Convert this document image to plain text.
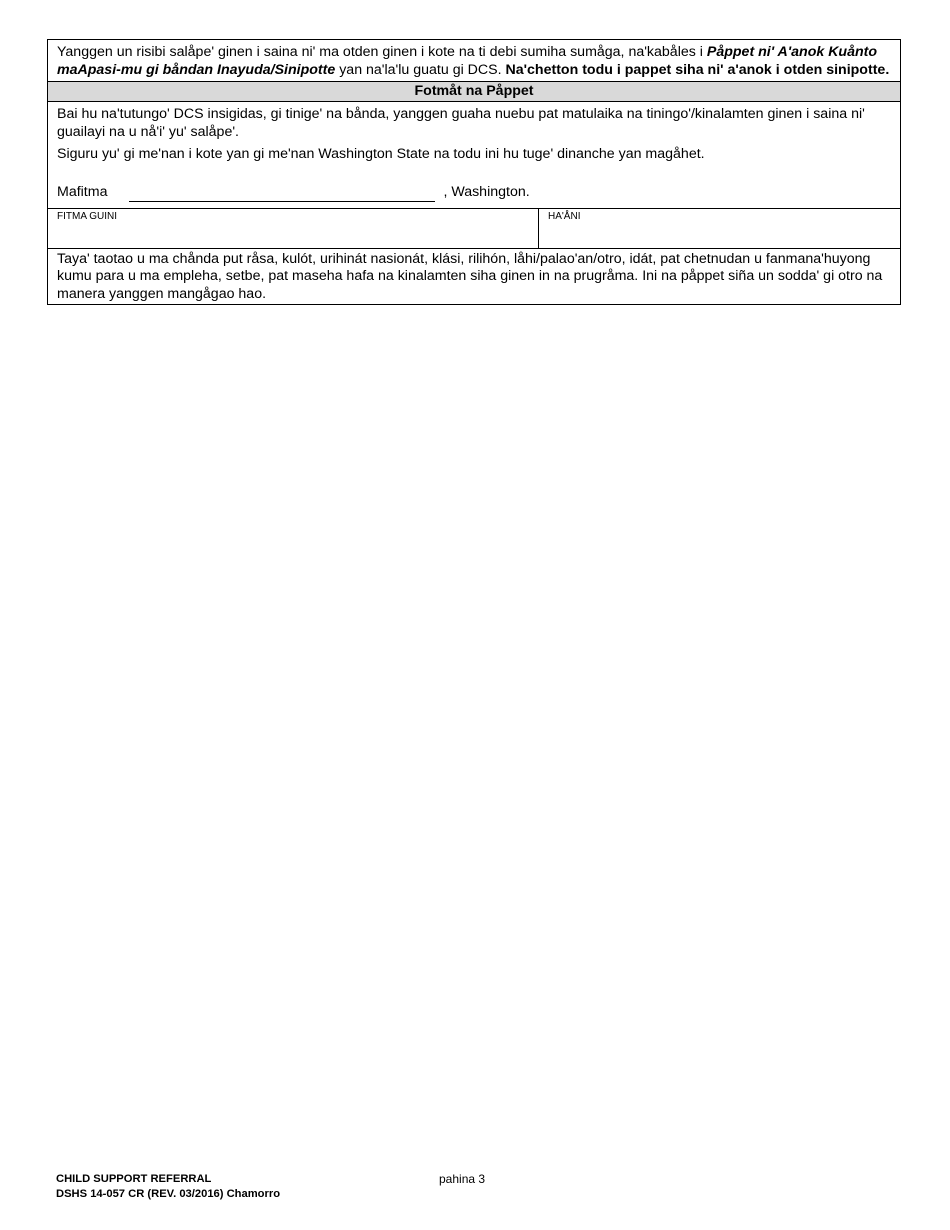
Yanggen un risibi salåpe' ginen i saina ni' ma otden ginen i kote na ti debi sumiha sumåga, na'kabåles i Påppet ni' A'anok Kuånto maApasi-mu gi båndan Inayuda/Sinipotte yan na'la'lu guatu gi DCS. Na'chetton todu i pappet siha ni' a'anok i otden sinipotte.
Fotmåt na Påppet

Bai hu na'tutungo' DCS insigidas, gi tinige' na bånda, yanggen guaha nuebu pat matulaika na tiningo'/kinalamten ginen i saina ni' guailayi na u nå'i' yu' salåpe'.

Siguru yu' gi me'nan i kote yan gi me'nan Washington State na todu ini hu tuge' dinanche yan magåhet.

Mafitma	, Washington.
FITMA GUINI	HA'ÅNI
Taya' taotao u ma chånda put råsa, kulót, urihinát nasionát, klási, rilihón, låhi/palao'an/otro, idát, pat chetnudan u fanmana'huyong kumu para u ma empleha, setbe, pat maseha hafa na kinalamten siha ginen in na prugråma. Ini na påppet siña un sodda' gi otro na manera yanggen mangågao hao.
CHILD SUPPORT REFERRAL
DSHS 14-057 CR (REV. 03/2016) Chamorro
pahina 3
